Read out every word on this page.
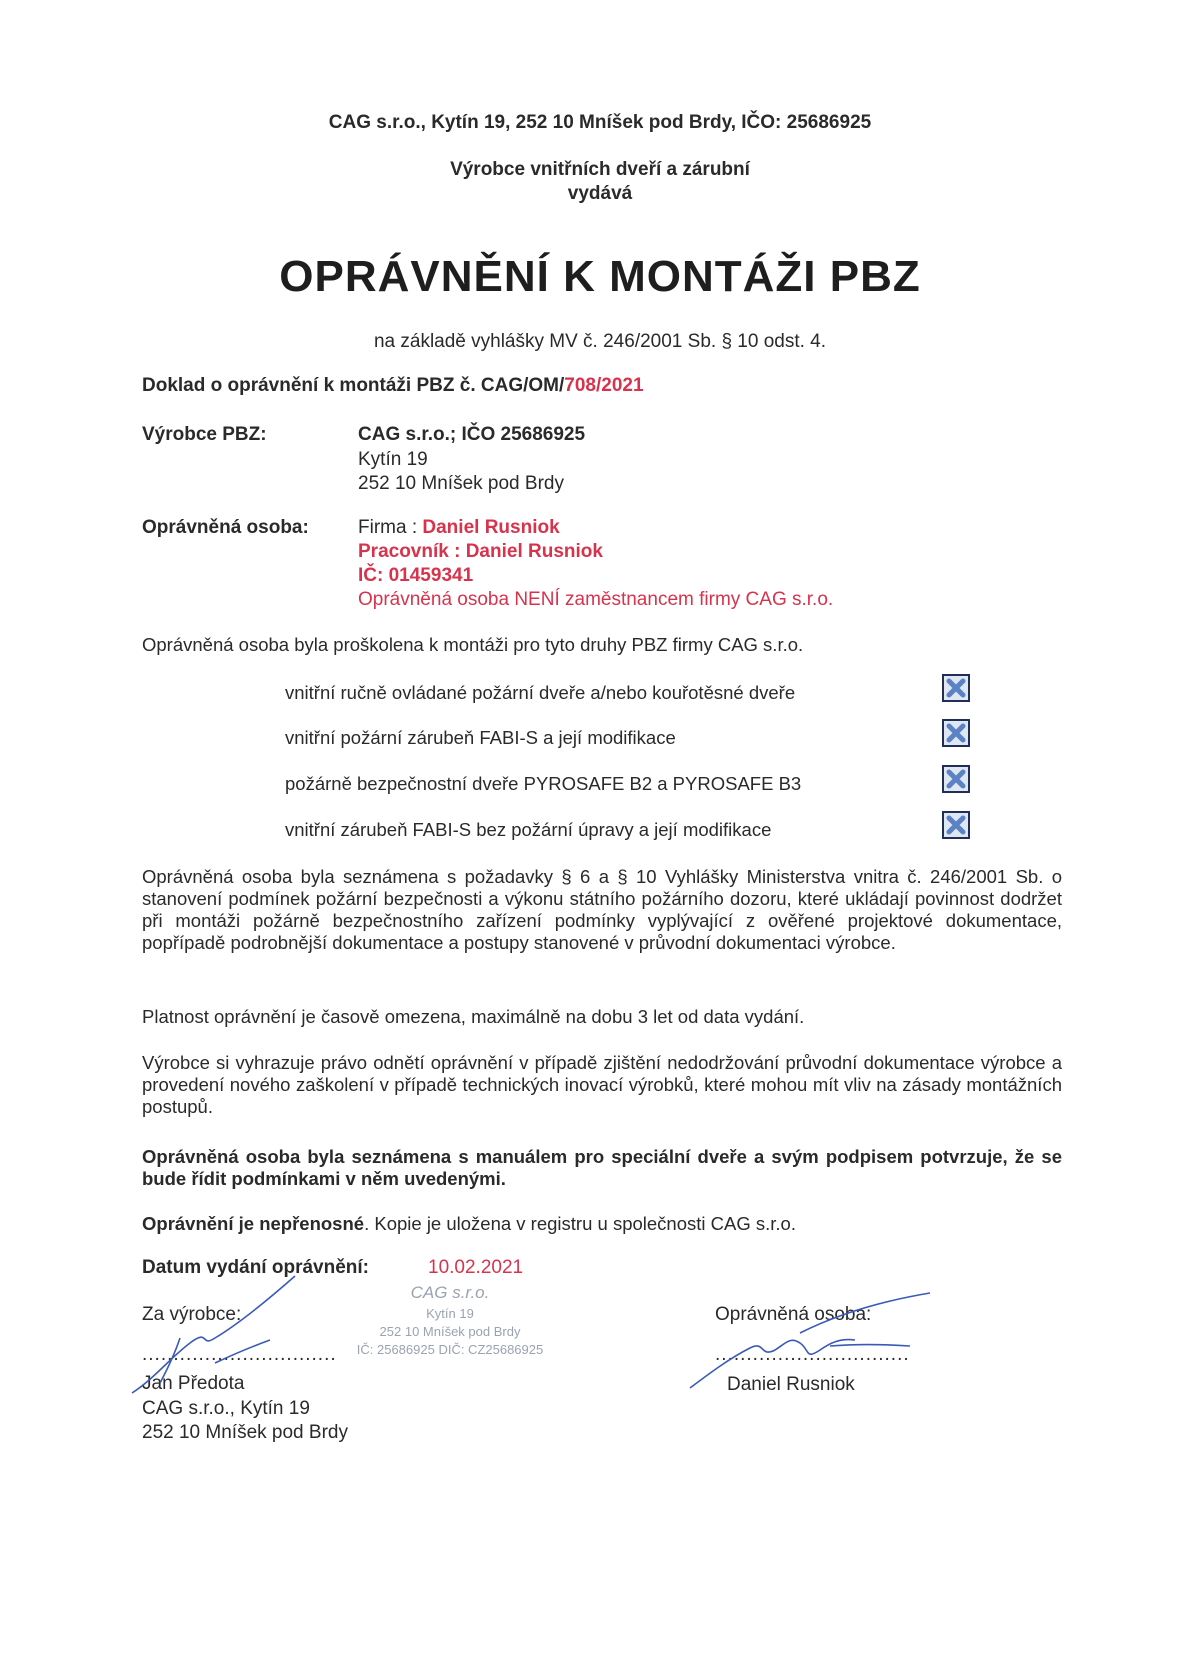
CAG s.r.o., Kytín 19, 252 10 Mníšek pod Brdy, IČO: 25686925
Výrobce vnitřních dveří a zárubní
vydává
OPRÁVNĚNÍ K MONTÁŽI PBZ
na základě vyhlášky MV č. 246/2001 Sb. § 10 odst. 4.
Doklad o oprávnění k montáži PBZ č. CAG/OM/708/2021
Výrobce PBZ:	CAG s.r.o.; IČO 25686925
Kytín 19
252 10 Mníšek pod Brdy
Oprávněná osoba:	Firma : Daniel Rusniok
Pracovník : Daniel Rusniok
IČ: 01459341
Oprávněná osoba NENÍ zaměstnancem firmy CAG s.r.o.
Oprávněná osoba byla proškolena k montáži pro tyto druhy PBZ firmy CAG s.r.o.
vnitřní ručně ovládané požární dveře a/nebo kouřotěsné dveře
vnitřní požární zárubeň FABI-S a její modifikace
požárně bezpečnostní dveře PYROSAFE B2 a PYROSAFE B3
vnitřní zárubeň FABI-S bez požární úpravy a její modifikace
Oprávněná osoba byla seznámena s požadavky § 6 a § 10 Vyhlášky Ministerstva vnitra č. 246/2001 Sb. o stanovení podmínek požární bezpečnosti a výkonu státního požárního dozoru, které ukládají povinnost dodržet při montáži požárně bezpečnostního zařízení podmínky vyplývající z ověřené projektové dokumentace, popřípadě podrobnější dokumentace a postupy stanovené v průvodní dokumentaci výrobce.
Platnost oprávnění je časově omezena, maximálně na dobu 3 let od data vydání.
Výrobce si vyhrazuje právo odnětí oprávnění v případě zjištění nedodržování průvodní dokumentace výrobce a provedení nového zaškolení v případě technických inovací výrobků, které mohou mít vliv na zásady montážních postupů.
Oprávněná osoba byla seznámena s manuálem pro speciální dveře a svým podpisem potvrzuje, že se bude řídit podmínkami v něm uvedenými.
Oprávnění je nepřenosné. Kopie je uložena v registru u společnosti CAG s.r.o.
Datum vydání oprávnění:	10.02.2021
CAG s.r.o.
Kytín 19
252 10 Mníšek pod Brdy
IČ: 25686925 DIČ: CZ25686925
Za výrobce:
...............................
Jan Předota
CAG s.r.o., Kytín 19
252 10 Mníšek pod Brdy
Oprávněná osoba:
...............................
Daniel Rusniok
